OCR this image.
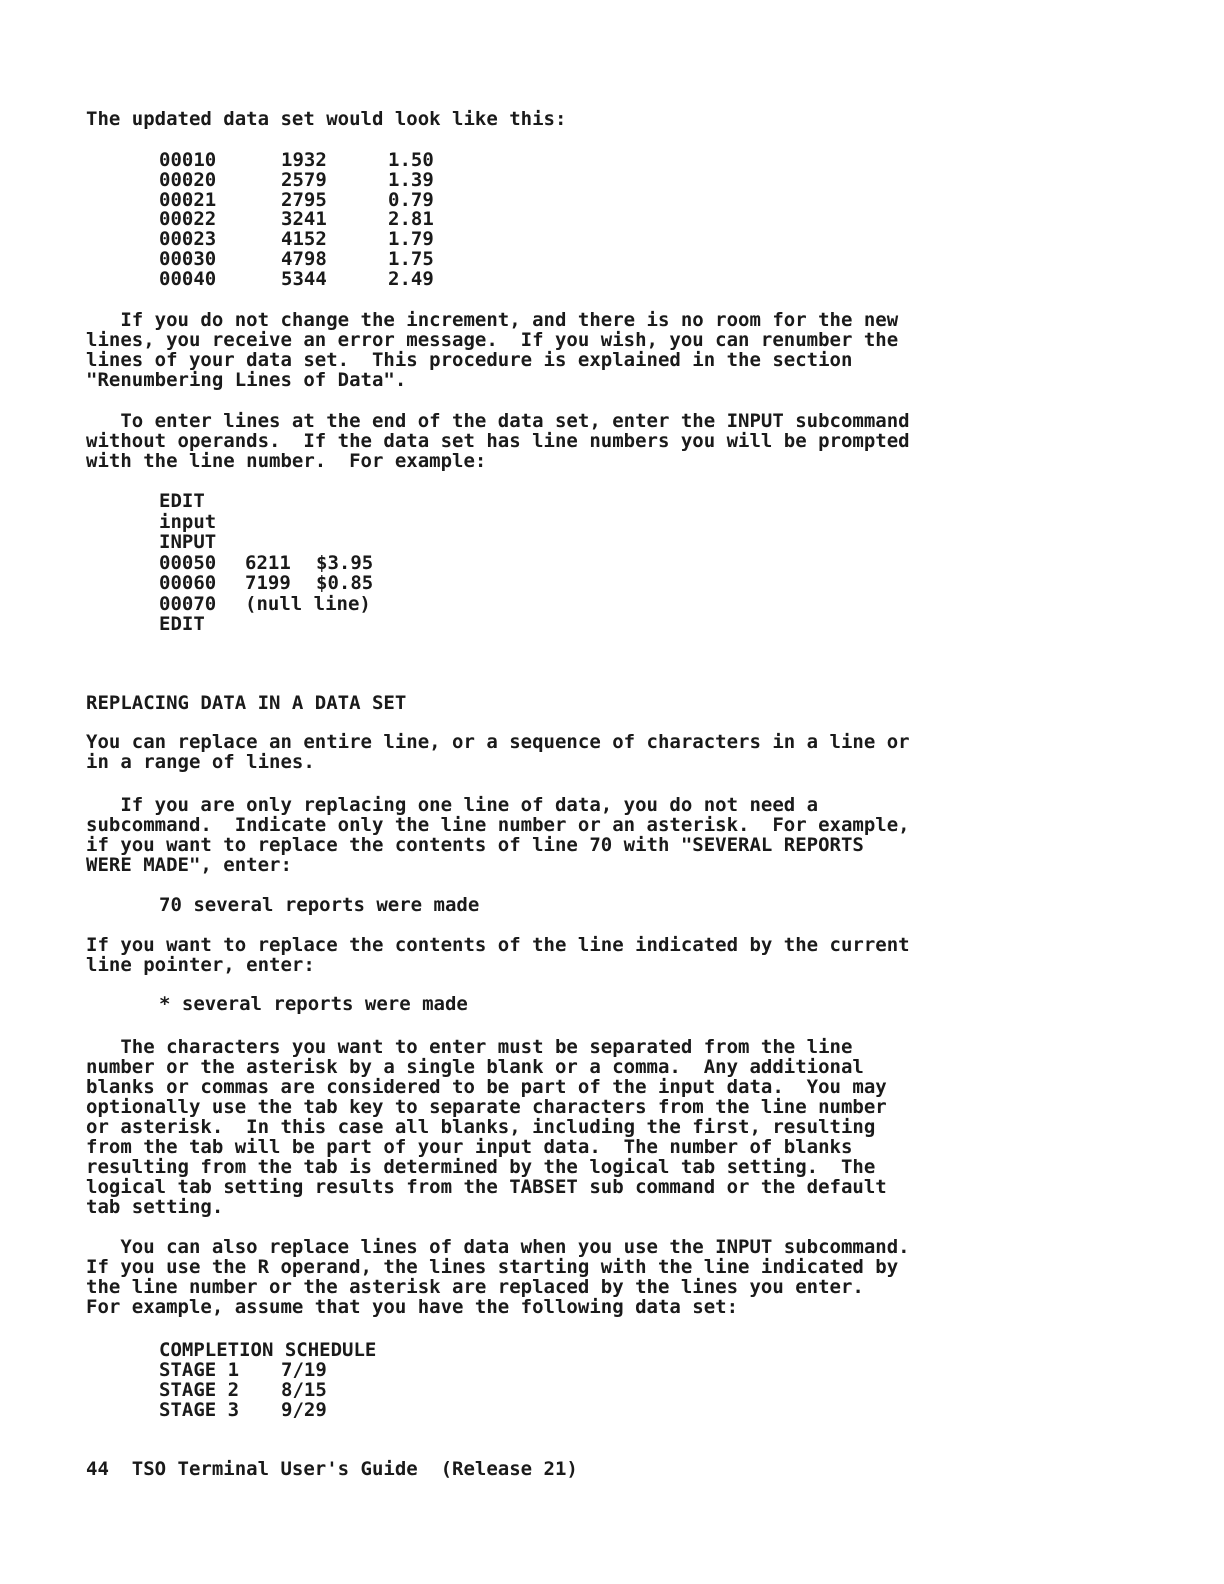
The updated data set would look like this:
00010	1932	1.50
00020	2579	1.39
00021	2795	0.79
00022	3241	2.81
00023	4152	1.79
00030	4798	1.75
00040	5344	2.49
If you do not change the increment, and there is no room for the new
lines, you receive an error message.  If you wish, you can renumber the
lines of your data set.  This procedure is explained in the section
"Renumbering Lines of Data".
To enter lines at the end of the data set, enter the INPUT subcommand
without operands.  If the data set has line numbers you will be prompted
with the line number.  For example:
EDIT
input
INPUT
00050 6211 $3.95
00060 7199 $0.85
00070 (null line)
EDIT
REPLACING DATA IN A DATA SET
You can replace an entire line, or a sequence of characters in a line or
in a range of lines.
If you are only replacing one line of data, you do not need a
subcommand.  Indicate only the line number or an asterisk.  For example,
if you want to replace the contents of line 70 with "SEVERAL REPORTS
WERE MADE", enter:
70 several reports were made
If you want to replace the contents of the line indicated by the current
line pointer, enter:
* several reports were made
The characters you want to enter must be separated from the line
number or the asterisk by a single blank or a comma.  Any additional
blanks or commas are considered to be part of the input data.  You may
optionally use the tab key to separate characters from the line number
or asterisk.  In this case all blanks, including the first, resulting
from the tab will be part of your input data.  The number of blanks
resulting from the tab is determined by the logical tab setting.  The
logical tab setting results from the TABSET sub command or the default
tab setting.
You can also replace lines of data when you use the INPUT subcommand.
If you use the R operand, the lines starting with the line indicated by
the line number or the asterisk are replaced by the lines you enter.
For example, assume that you have the following data set:
COMPLETION SCHEDULE
STAGE 1 7/19
STAGE 2 8/15
STAGE 3 9/29
44  TSO Terminal User's Guide  (Release 21)
